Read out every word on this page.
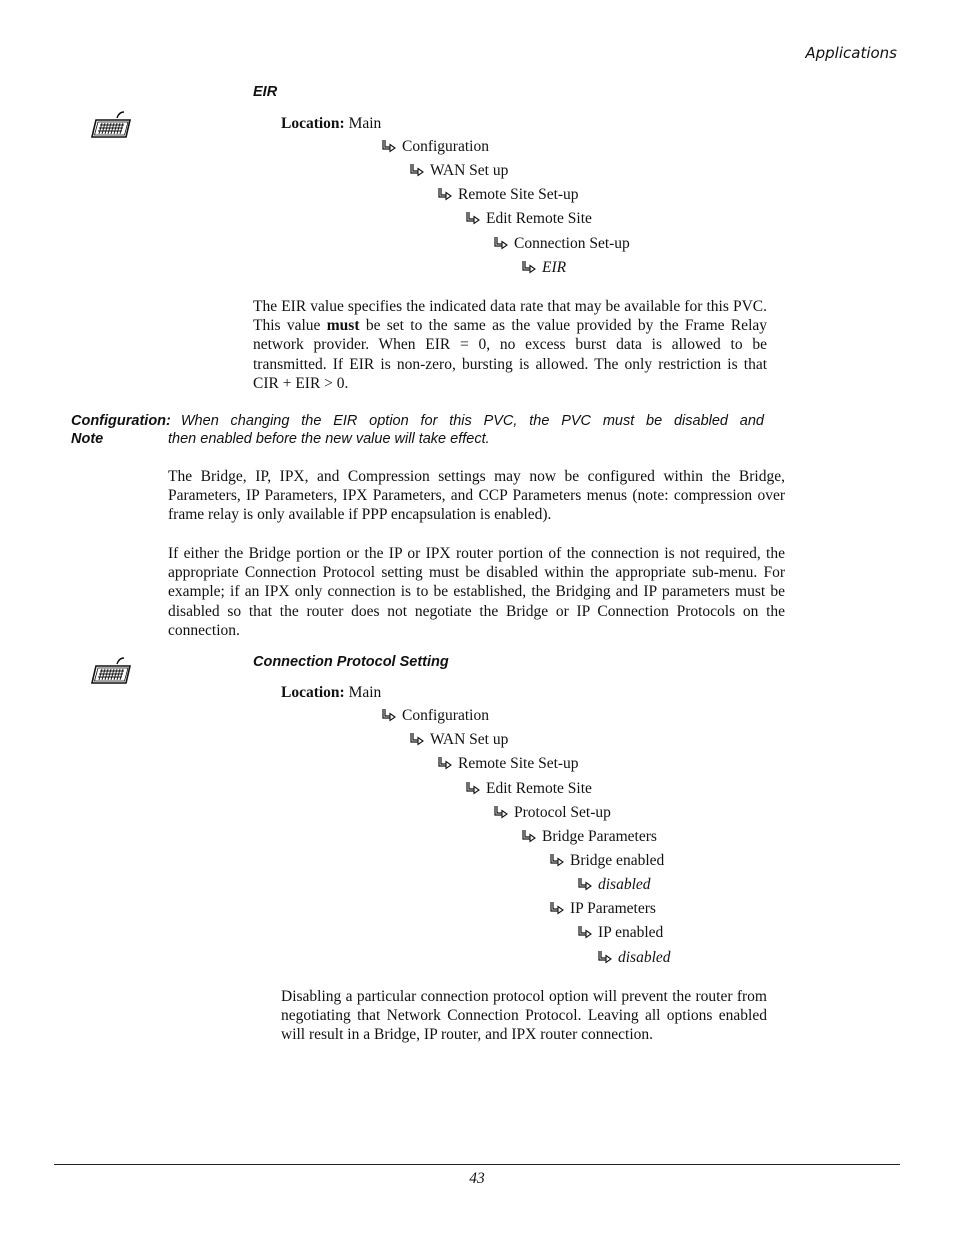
Applications
EIR
Location: Main
Configuration
WAN Set up
Remote Site Set-up
Edit Remote Site
Connection Set-up
EIR
The EIR value specifies the indicated data rate that may be available for this PVC. This value must be set to the same as the value provided by the Frame Relay network provider. When EIR = 0, no excess burst data is allowed to be transmitted. If EIR is non-zero, bursting is allowed. The only restriction is that CIR + EIR > 0.
Configuration: When changing the EIR option for this PVC, the PVC must be disabled and
Note	then enabled before the new value will take effect.
The Bridge, IP, IPX, and Compression settings may now be configured within the Bridge, Parameters, IP Parameters, IPX Parameters, and CCP Parameters menus (note: compression over frame relay is only available if PPP encapsulation is enabled).
If either the Bridge portion or the IP or IPX router portion of the connection is not required, the appropriate Connection Protocol setting must be disabled within the appropriate sub-menu. For example; if an IPX only connection is to be established, the Bridging and IP parameters must be disabled so that the router does not negotiate the Bridge or IP Connection Protocols on the connection.
Connection Protocol Setting
Location: Main
Configuration
WAN Set up
Remote Site Set-up
Edit Remote Site
Protocol Set-up
Bridge Parameters
Bridge enabled
disabled
IP Parameters
IP enabled
disabled
Disabling a particular connection protocol option will prevent the router from negotiating that Network Connection Protocol. Leaving all options enabled will result in a Bridge, IP router, and IPX router connection.
43
